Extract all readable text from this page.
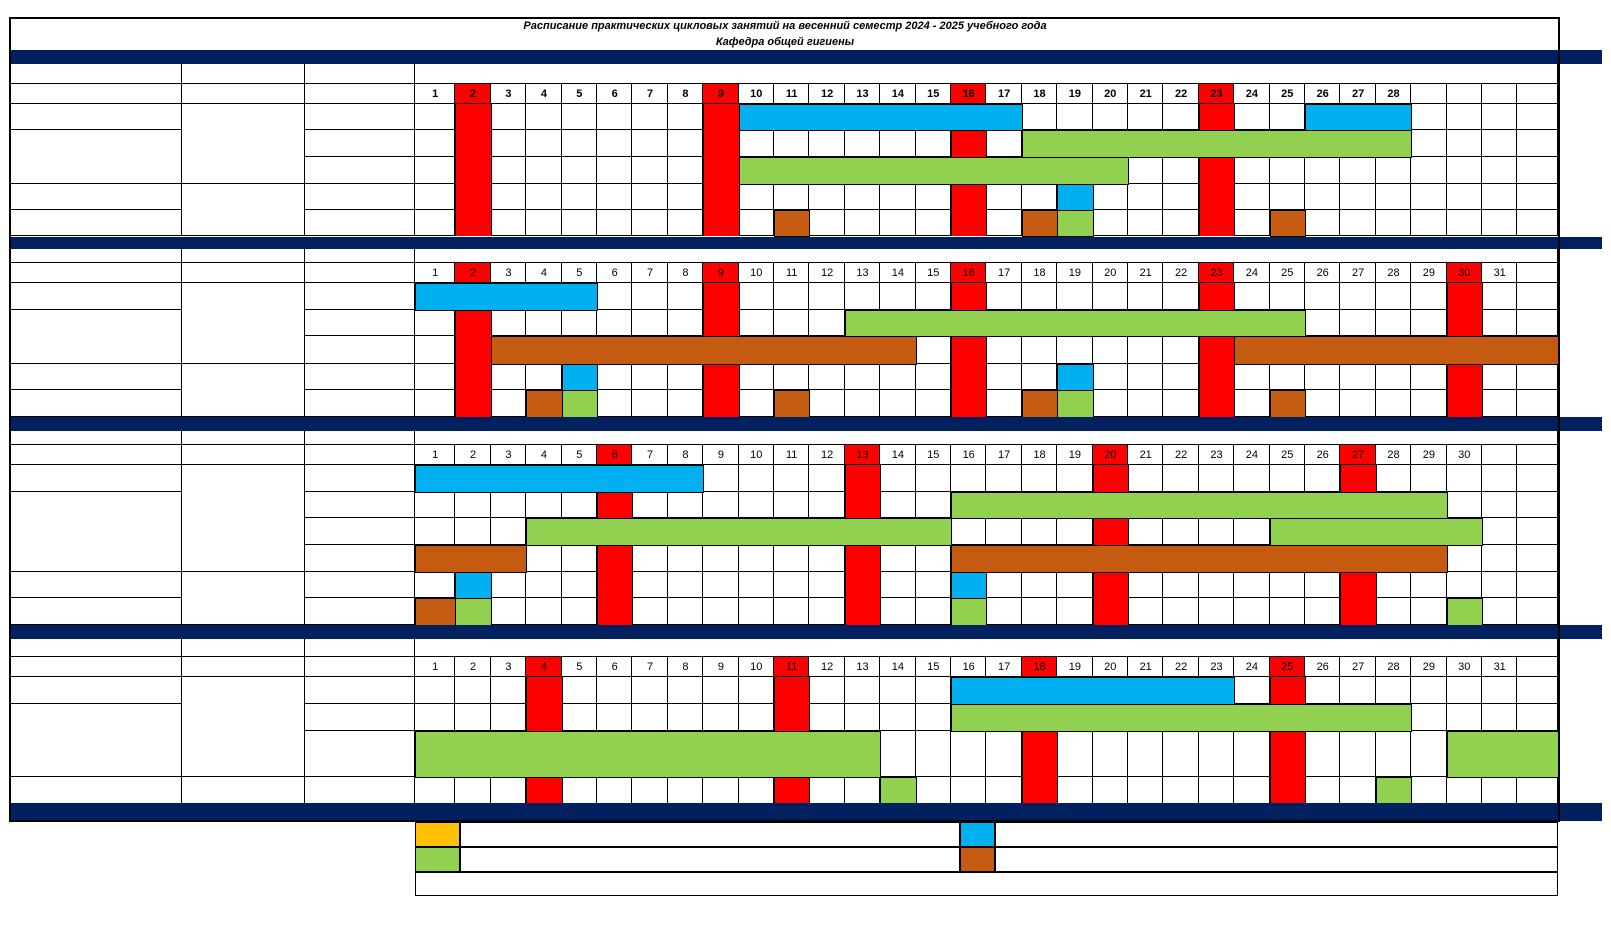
Расписание практических цикловых занятий на весенний семестр 2024 - 2025 учебного года
Кафедра общей гигиены
1	2	3	4	5	6	7	8	9	10	11	12	13	14	15	16	17	18	19	20	21	22	23	24	25	26	27	28
1	2	3	4	5	6	7	8	9	10	11	12	13	14	15	16	17	18	19	20	21	22	23	24	25	26	27	28	29	30	31
1	2	3	4	5	6	7	8	9	10	11	12	13	14	15	16	17	18	19	20	21	22	23	24	25	26	27	28	29	30
1	2	3	4	5	6	7	8	9	10	11	12	13	14	15	16	17	18	19	20	21	22	23	24	25	26	27	28	29	30	31
